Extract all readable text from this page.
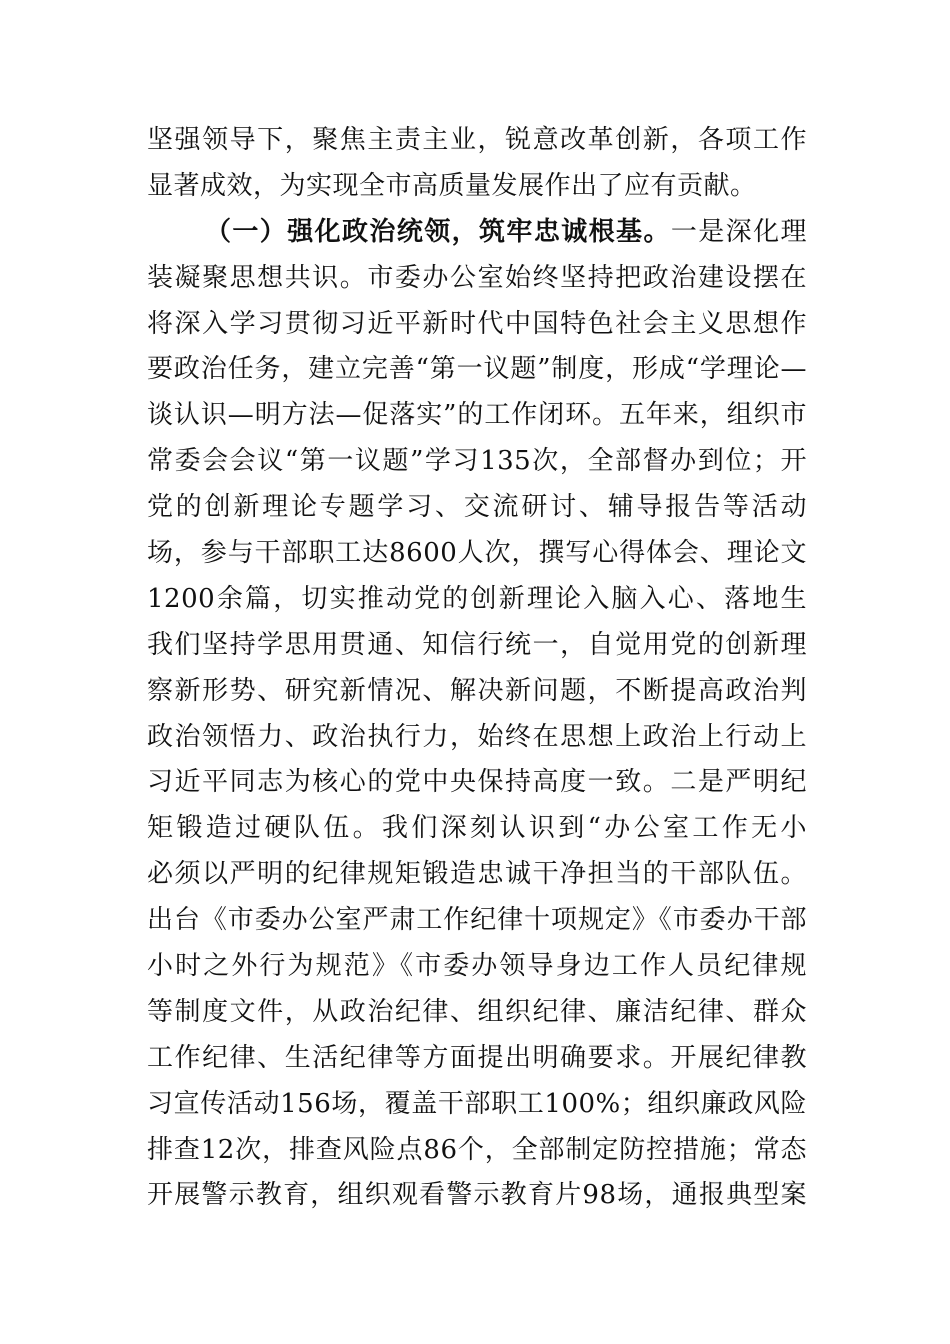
坚强领导下，聚焦主责主业，锐意改革创新，各项工作
显著成效，为实现全市高质量发展作出了应有贡献。
（一）强化政治统领，筑牢忠诚根基。一是深化理
装凝聚思想共识。市委办公室始终坚持把政治建设摆在
将深入学习贯彻习近平新时代中国特色社会主义思想作
要政治任务，建立完善“第一议题”制度，形成“学理论—
谈认识—明方法—促落实”的工作闭环。五年来，组织市
常委会会议“第一议题”学习135次，全部督办到位；开
党的创新理论专题学习、交流研讨、辅导报告等活动
场，参与干部职工达8600人次，撰写心得体会、理论文
1200余篇，切实推动党的创新理论入脑入心、落地生
我们坚持学思用贯通、知信行统一，自觉用党的创新理
察新形势、研究新情况、解决新问题，不断提高政治判
政治领悟力、政治执行力，始终在思想上政治上行动上
习近平同志为核心的党中央保持高度一致。二是严明纪
矩锻造过硬队伍。我们深刻认识到“办公室工作无小
必须以严明的纪律规矩锻造忠诚干净担当的干部队伍。
出台《市委办公室严肃工作纪律十项规定》《市委办干部
小时之外行为规范》《市委办领导身边工作人员纪律规
等制度文件，从政治纪律、组织纪律、廉洁纪律、群众
工作纪律、生活纪律等方面提出明确要求。开展纪律教
习宣传活动156场，覆盖干部职工100%；组织廉政风险
排查12次，排查风险点86个，全部制定防控措施；常态
开展警示教育，组织观看警示教育片98场，通报典型案
